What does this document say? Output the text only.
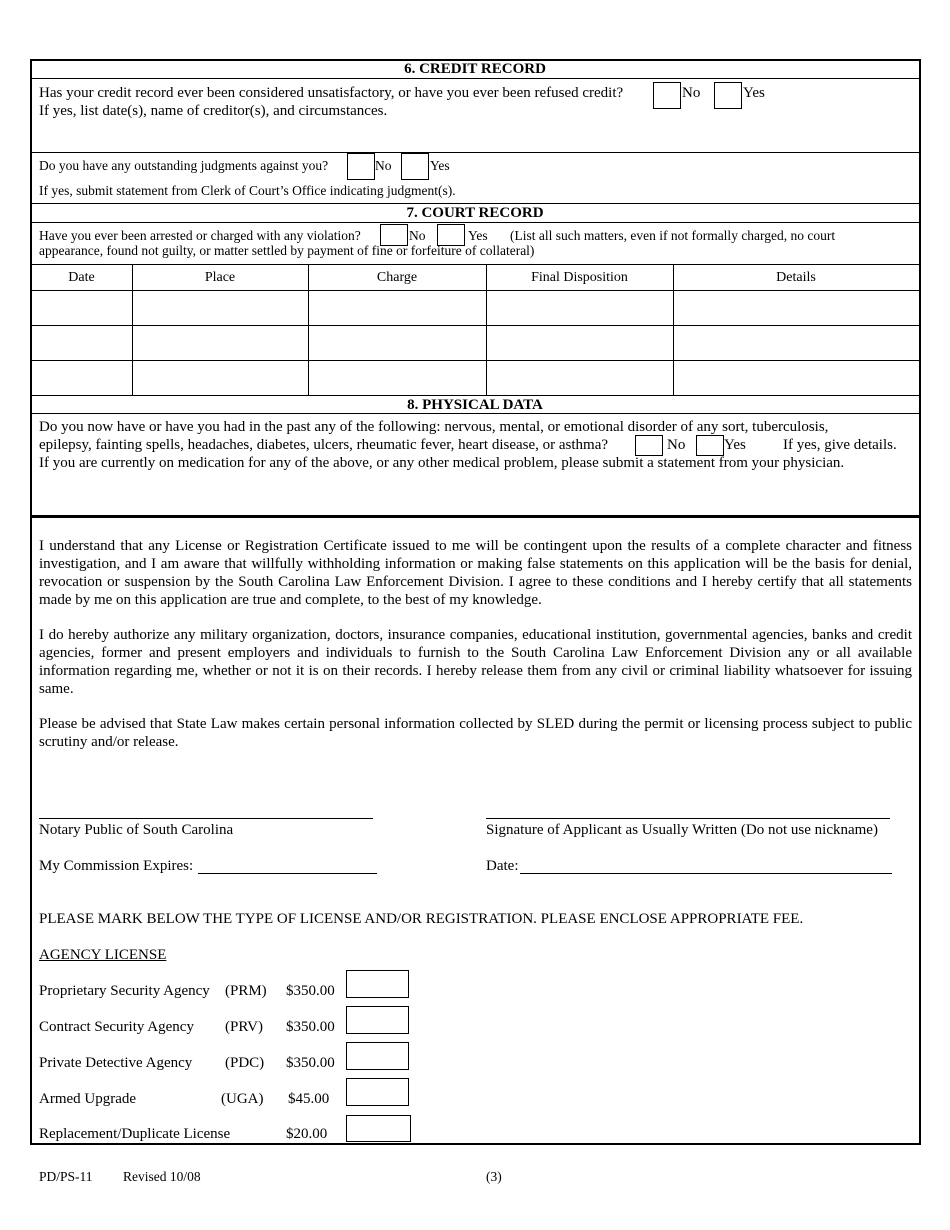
6. CREDIT RECORD
Has your credit record ever been considered unsatisfactory, or have you ever been refused credit?	No	Yes
If yes, list date(s), name of creditor(s), and circumstances.
Do you have any outstanding judgments against you?	No	Yes
If yes, submit statement from Clerk of Court’s Office indicating judgment(s).
7. COURT RECORD
Have you ever been arrested or charged with any violation?	No	Yes (List all such matters, even if not formally charged, no court
appearance, found not guilty, or matter settled by payment of fine or forfeiture of collateral)
Date	Place	Charge	Final Disposition	Details
8. PHYSICAL DATA
Do you now have or have you had in the past any of the following: nervous, mental, or emotional disorder of any sort, tuberculosis,
epilepsy, fainting spells, headaches, diabetes, ulcers, rheumatic fever, heart disease, or asthma?	No	Yes If yes, give details.
If you are currently on medication for any of the above, or any other medical problem, please submit a statement from your physician.
I understand that any License or Registration Certificate issued to me will be contingent upon the results of a complete character and fitness investigation, and I am aware that willfully withholding information or making false statements on this application will be the basis for denial, revocation or suspension by the South Carolina Law Enforcement Division. I agree to these conditions and I hereby certify that all statements made by me on this application are true and complete, to the best of my knowledge.
I do hereby authorize any military organization, doctors, insurance companies, educational institution, governmental agencies, banks and credit agencies, former and present employers and individuals to furnish to the South Carolina Law Enforcement Division any or all available information regarding me, whether or not it is on their records. I hereby release them from any civil or criminal liability whatsoever for issuing same.
Please be advised that State Law makes certain personal information collected by SLED during the permit or licensing process subject to public scrutiny and/or release.
Notary Public of South Carolina	Signature of Applicant as Usually Written (Do not use nickname)
My Commission Expires:	Date:
PLEASE MARK BELOW THE TYPE OF LICENSE AND/OR REGISTRATION. PLEASE ENCLOSE APPROPRIATE FEE.
AGENCY LICENSE
Proprietary Security Agency (PRM) $350.00
Contract Security Agency (PRV) $350.00
Private Detective Agency (PDC) $350.00
Armed Upgrade	(UGA) $45.00
Replacement/Duplicate License	$20.00
PD/PS-11 Revised 10/08	(3)
